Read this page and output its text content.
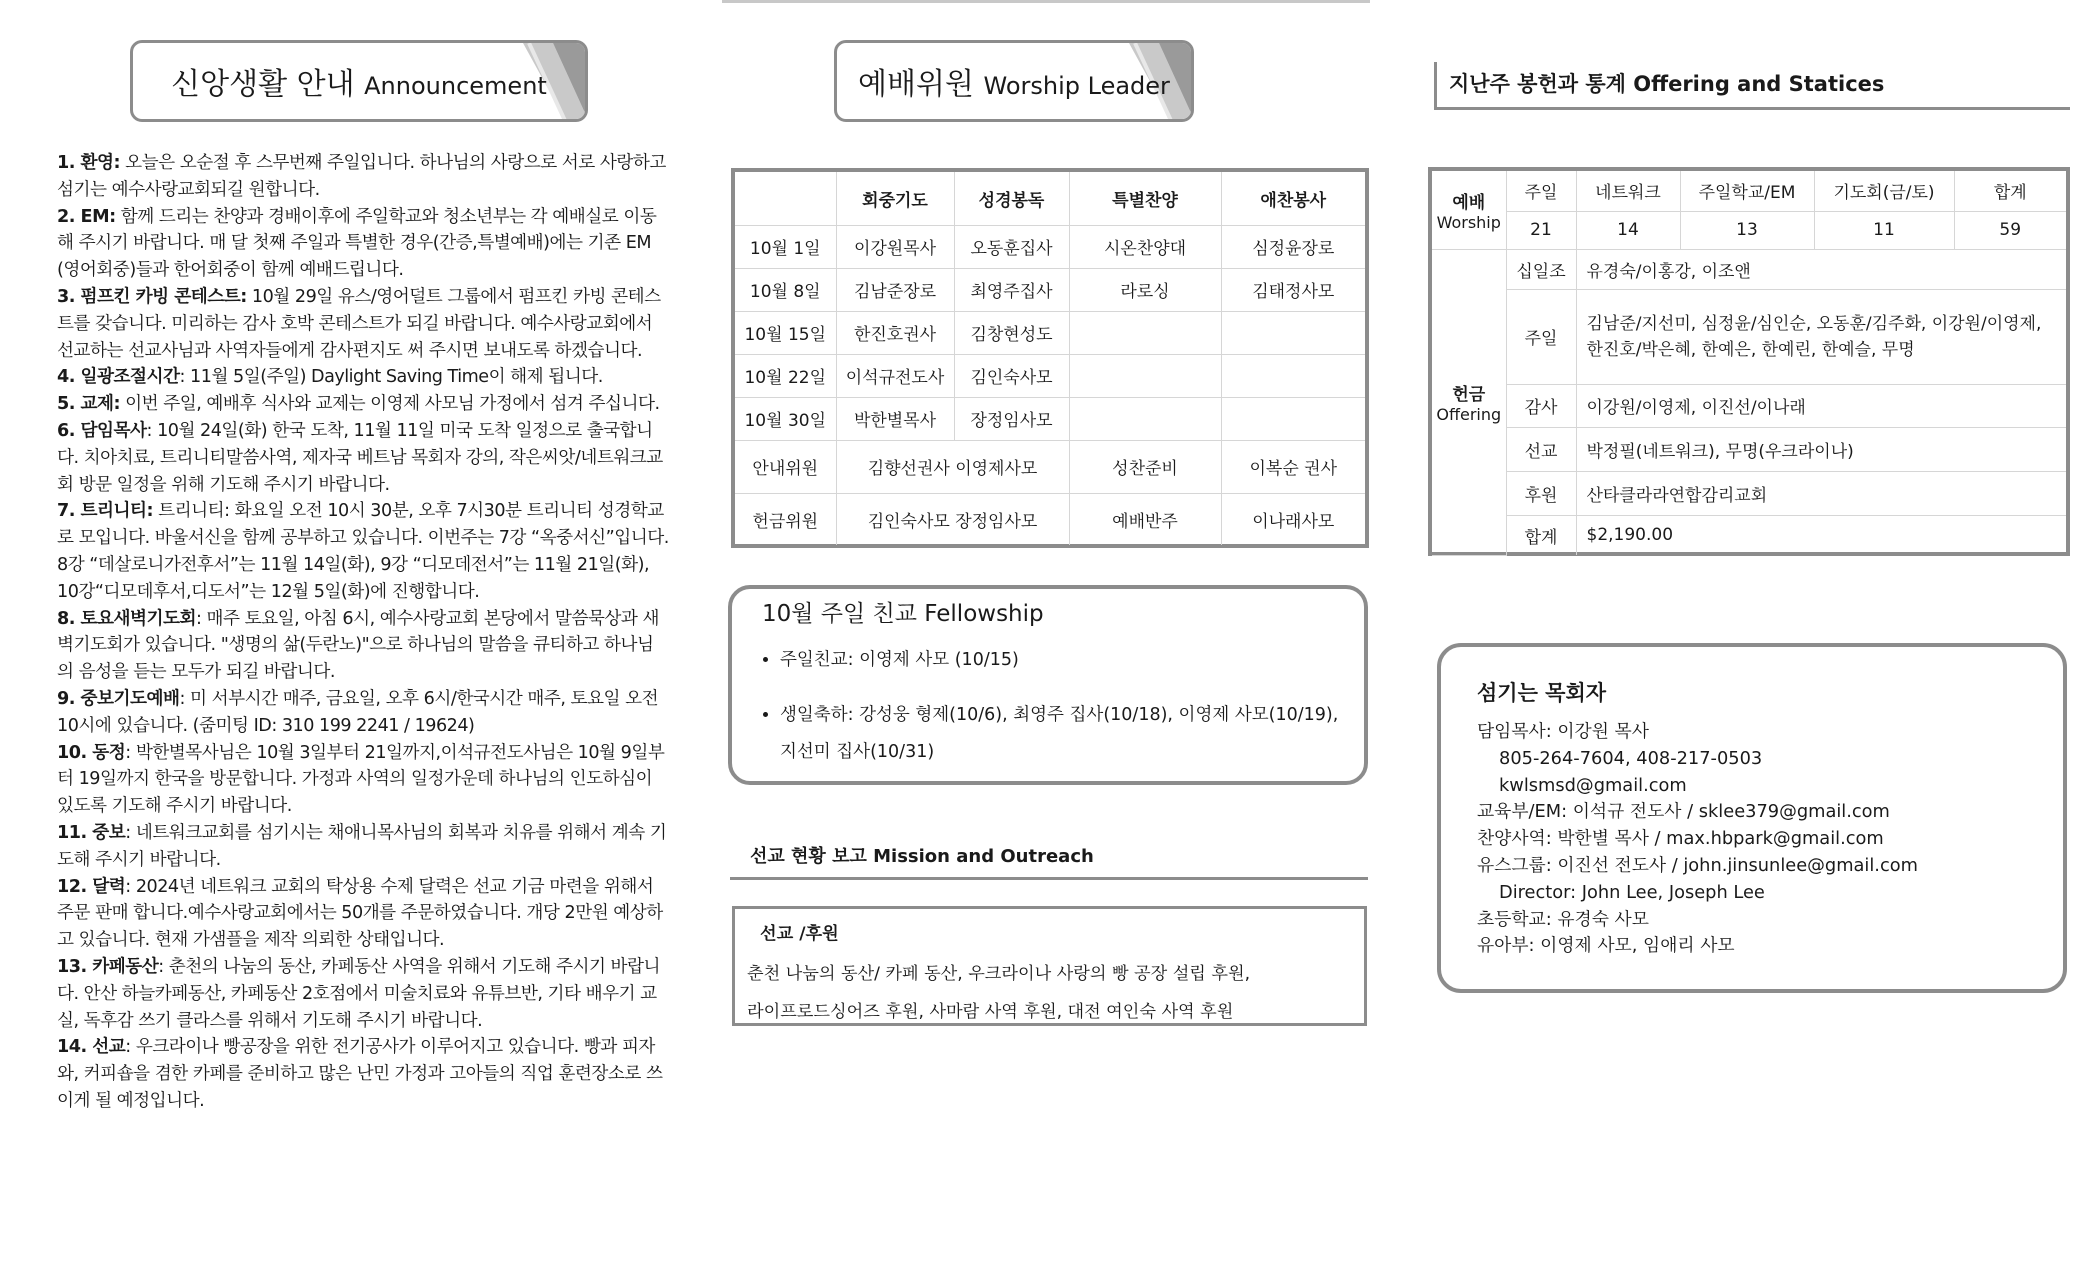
신앙생활 안내 Announcement

1. 환영: 오늘은 오순절 후 스무번째 주일입니다. 하나님의 사랑으로 서로 사랑하고 섬기는 예수사랑교회되길 원합니다.

2. EM: 함께 드리는 찬양과 경배이후에 주일학교와 청소년부는 각 예배실로 이동해 주시기 바랍니다. 매 달 첫째 주일과 특별한 경우(간증,특별예배)에는 기존 EM (영어회중)들과 한어회중이 함께 예배드립니다.

3. 펌프킨 카빙 콘테스트: 10월 29일 유스/영어덜트 그룹에서 펌프킨 카빙 콘테스트를 갖습니다. 미리하는 감사 호박 콘테스트가 되길 바랍니다. 예수사랑교회에서 선교하는 선교사님과 사역자들에게 감사편지도 써 주시면 보내도록 하겠습니다.

4. 일광조절시간: 11월 5일(주일) Daylight Saving Time이 해제 됩니다.

5. 교제: 이번 주일, 예배후 식사와 교제는 이영제 사모님 가정에서 섬겨 주십니다.

6. 담임목사: 10월 24일(화) 한국 도착, 11월 11일 미국 도착 일정으로 출국합니다. 치아치료, 트리니티말씀사역, 제자국 베트남 목회자 강의, 작은씨앗/네트워크교회 방문 일정을 위해 기도해 주시기 바랍니다.

7. 트리니티: 트리니티: 화요일 오전 10시 30분, 오후 7시30분 트리니티 성경학교로 모입니다. 바울서신을 함께 공부하고 있습니다. 이번주는 7강 “옥중서신”입니다. 8강 “데살로니가전후서”는 11월 14일(화), 9강 “디모데전서”는 11월 21일(화), 10강“디모데후서,디도서”는 12월 5일(화)에 진행합니다.

8. 토요새벽기도회: 매주 토요일, 아침 6시, 예수사랑교회 본당에서 말씀묵상과 새벽기도회가 있습니다. "생명의 삶(두란노)"으로 하나님의 말씀을 큐티하고 하나님의 음성을 듣는 모두가 되길 바랍니다.

9. 중보기도예배: 미 서부시간 매주, 금요일, 오후 6시/한국시간 매주, 토요일 오전 10시에 있습니다. (줌미팅 ID: 310 199 2241 / 19624)

10. 동정: 박한별목사님은 10월 3일부터 21일까지,이석규전도사님은 10월 9일부터 19일까지 한국을 방문합니다. 가정과 사역의 일정가운데 하나님의 인도하심이 있도록 기도해 주시기 바랍니다.

11. 중보: 네트워크교회를 섬기시는 채애니목사님의 회복과 치유를 위해서 계속 기도해 주시기 바랍니다.

12. 달력: 2024년 네트워크 교회의 탁상용 수제 달력은 선교 기금 마련을 위해서 주문 판매 합니다.예수사랑교회에서는 50개를 주문하였습니다. 개당 2만원 예상하고 있습니다. 현재 가샘플을 제작 의뢰한 상태입니다.

13. 카페동산: 춘천의 나눔의 동산, 카페동산 사역을 위해서 기도해 주시기 바랍니다. 안산 하늘카페동산, 카페동산 2호점에서 미술치료와 유튜브반, 기타 배우기 교실, 독후감 쓰기 클라스를 위해서 기도해 주시기 바랍니다.

14. 선교: 우크라이나 빵공장을 위한 전기공사가 이루어지고 있습니다. 빵과 피자와, 커피숍을 겸한 카페를 준비하고 많은 난민 가정과 고아들의 직업 훈련장소로 쓰이게 될 예정입니다.

예배위원 Worship Leader
	회중기도	성경봉독	특별찬양	애찬봉사
10월 1일	이강원목사	오동훈집사	시온찬양대	심정윤장로
10월 8일	김남준장로	최영주집사	라로싱	김태정사모
10월 15일	한진호권사	김창현성도		
10월 22일	이석규전도사	김인숙사모		
10월 30일	박한별목사	장정임사모		
안내위원	김향선권사 이영제사모		성찬준비	이복순 권사
헌금위원	김인숙사모 장정임사모		예배반주	이나래사모
10월 주일 친교 Fellowship
• 주일친교: 이영제 사모 (10/15)
• 생일축하: 강성웅 형제(10/6), 최영주 집사(10/18), 이영제 사모(10/19),
지선미 집사(10/31)
선교 현황 보고 Mission and Outreach
선교 /후원
춘천 나눔의 동산/ 카페 동산, 우크라이나 사랑의 빵 공장 설립 후원,
라이프로드싱어즈 후원, 사마람 사역 후원, 대전 여인숙 사역 후원
지난주 봉헌과 통계 Offering and Statices
예배
Worship	주일	네트워크	주일학교/EM	기도회(금/토)	합계
	21	14	13	11	59

헌금
Offering	십일조	유경숙/이홍강, 이조앤			
	주일	김남준/지선미, 심정윤/심인순, 오동훈/김주화, 이강원/이영제,
한진호/박은혜, 한예은, 한예린, 한예슬, 무명			

	감사	이강원/이영제, 이진선/이나래			
	선교	박정필(네트워크), 무명(우크라이나)			
	후원	산타클라라연합감리교회			
	합계	$2,190.00			
섬기는 목회자
담임목사: 이강원 목사
805-264-7604, 408-217-0503
kwlsmsd@gmail.com
교육부/EM: 이석규 전도사 / sklee379@gmail.com
찬양사역: 박한별 목사 / max.hbpark@gmail.com
유스그룹: 이진선 전도사 / john.jinsunlee@gmail.com
Director: John Lee, Joseph Lee
초등학교: 유경숙 사모
유아부: 이영제 사모, 임애리 사모
